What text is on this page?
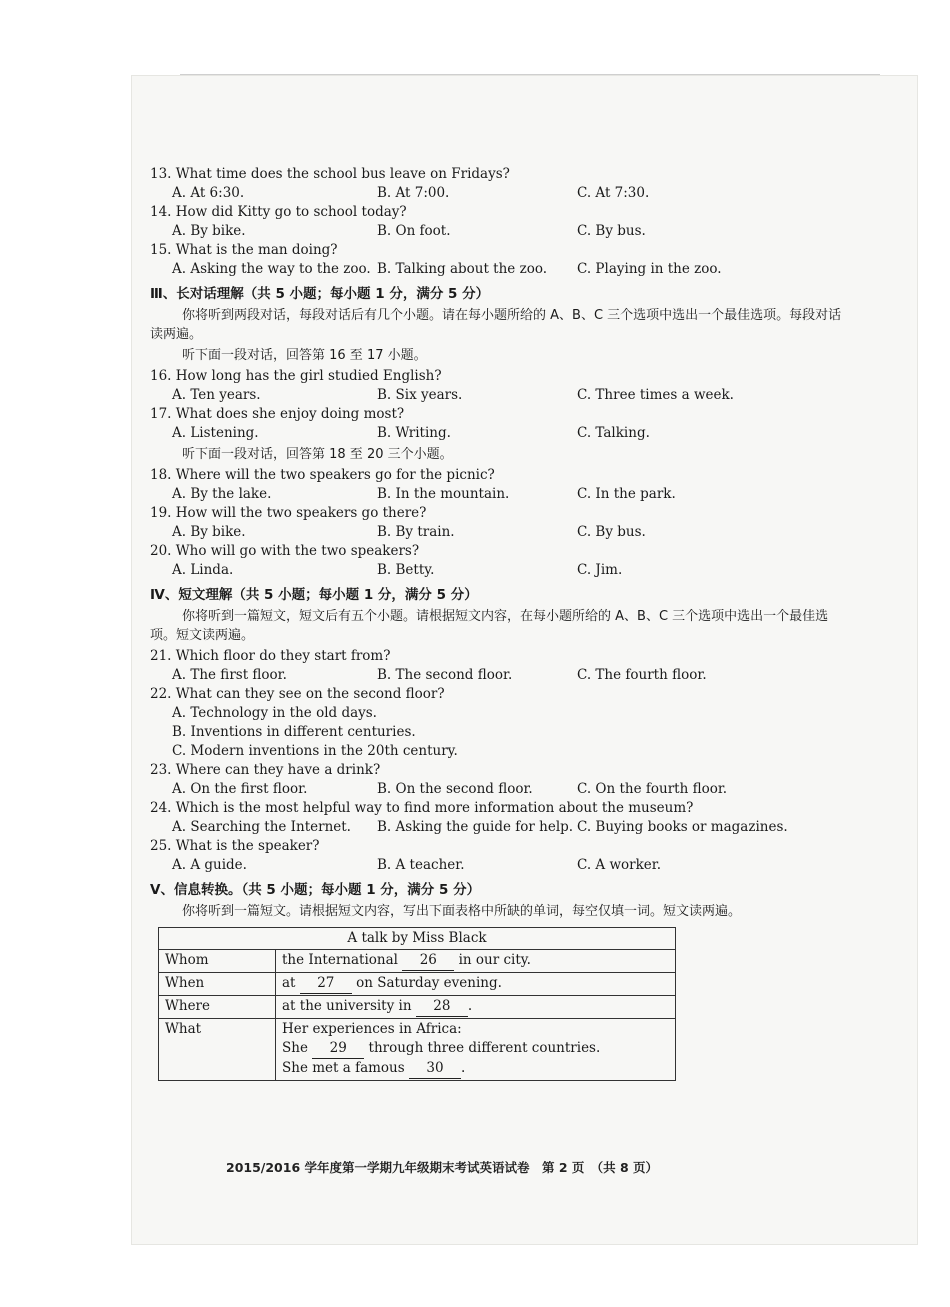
13. What time does the school bus leave on Fridays?

A. At 6:30.	B. At 7:00.	C. At 7:30.

14. How did Kitty go to school today?

A. By bike.	B. On foot.	C. By bus.

15. What is the man doing?

A. Asking the way to the zoo. B. Talking about the zoo.	C. Playing in the zoo.
Ⅲ、长对话理解（共 5 小题；每小题 1 分，满分 5 分）

你将听到两段对话，每段对话后有几个小题。请在每小题所给的 A、B、C 三个选项中选出一个最佳选项。每段对话读两遍。

听下面一段对话，回答第 16 至 17 小题。

16. How long has the girl studied English?

A. Ten years.	B. Six years.	C. Three times a week.

17. What does she enjoy doing most?

A. Listening.	B. Writing.	C. Talking.

听下面一段对话，回答第 18 至 20 三个小题。

18. Where will the two speakers go for the picnic?

A. By the lake.	B. In the mountain.	C. In the park.

19. How will the two speakers go there?

A. By bike.	B. By train.	C. By bus.

20. Who will go with the two speakers?

A. Linda.	B. Betty.	C. Jim.
Ⅳ、短文理解（共 5 小题；每小题 1 分，满分 5 分）

你将听到一篇短文，短文后有五个小题。请根据短文内容，在每小题所给的 A、B、C 三个选项中选出一个最佳选项。短文读两遍。

21. Which floor do they start from?

A. The first floor.	B. The second floor.	C. The fourth floor.

22. What can they see on the second floor?

A. Technology in the old days.
B. Inventions in different centuries.
C. Modern inventions in the 20th century.

23. Where can they have a drink?

A. On the first floor.	B. On the second floor.	C. On the fourth floor.

24. Which is the most helpful way to find more information about the museum?

A. Searching the Internet.	B. Asking the guide for help. C. Buying books or magazines.

25. What is the speaker?

A. A guide.	B. A teacher.	C. A worker.
Ⅴ、信息转换。（共 5 小题；每小题 1 分，满分 5 分）

你将听到一篇短文。请根据短文内容，写出下面表格中所缺的单词，每空仅填一词。短文读两遍。

A talk by Miss Black	
Whom	the International 26 in our city.
When	at 27 on Saturday evening.
Where	at the university in 28 .
What	Her experiences in Africa:
She 29 through three different countries.
She met a famous 30 .
2015/2016 学年度第一学期九年级期末考试英语试卷　第 2 页　（共 8 页）
